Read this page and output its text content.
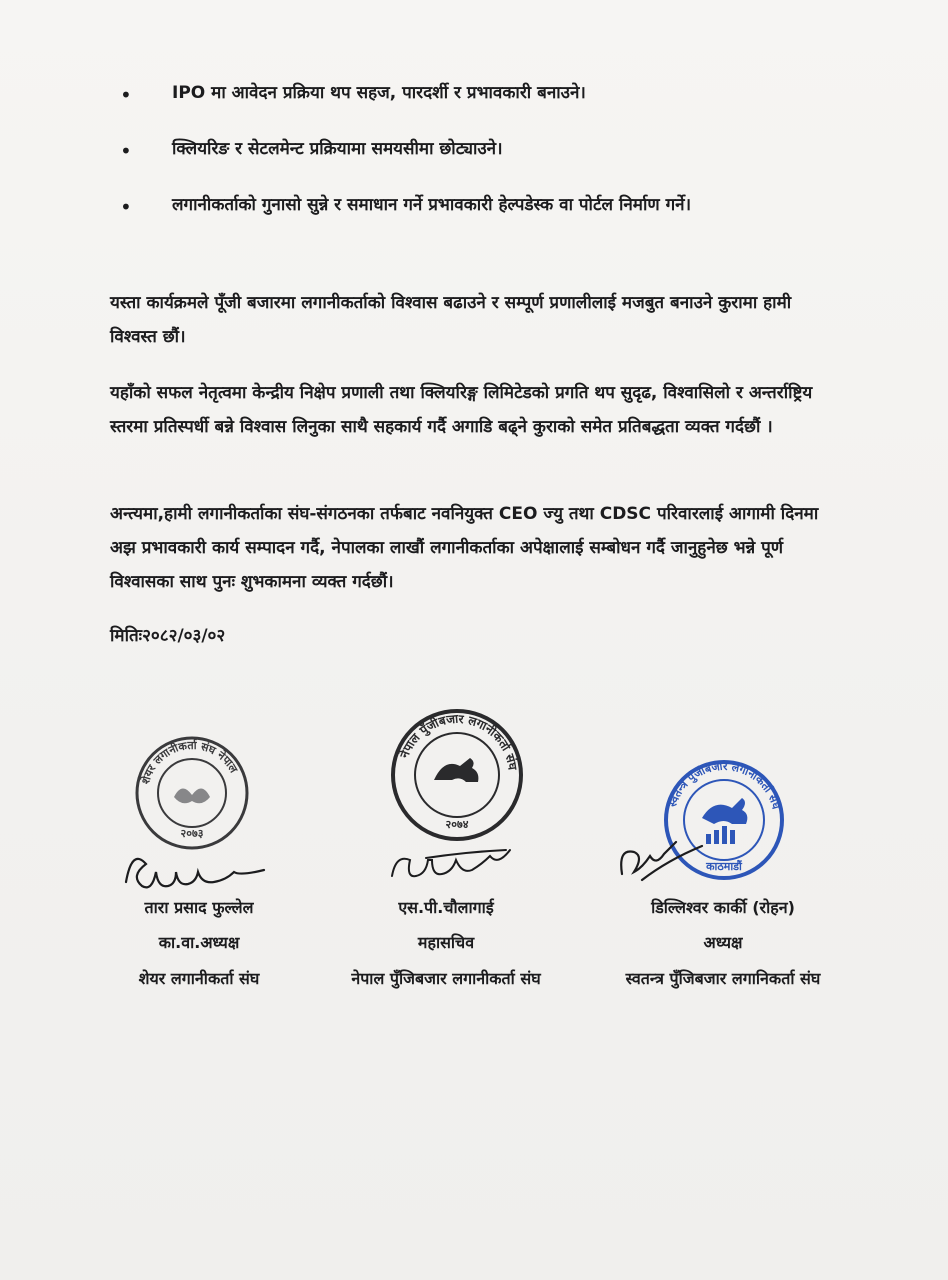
•	IPO मा आवेदन प्रक्रिया थप सहज, पारदर्शी र प्रभावकारी बनाउने।
•	क्लियरिङ र सेटलमेन्ट प्रक्रियामा समयसीमा छोट्याउने।
•	लगानीकर्ताको गुनासो सुन्ने र समाधान गर्ने प्रभावकारी हेल्पडेस्क वा पोर्टल निर्माण गर्ने।

यस्ता कार्यक्रमले पूँजी बजारमा लगानीकर्ताको विश्वास बढाउने र सम्पूर्ण प्रणालीलाई मजबुत बनाउने कुरामा हामी विश्वस्त छौं।

यहाँको सफल नेतृत्वमा केन्द्रीय निक्षेप प्रणाली तथा क्लियरिङ्ग लिमिटेडको प्रगति थप सुदृढ, विश्वासिलो र अन्तर्राष्ट्रिय स्तरमा प्रतिस्पर्धी बन्ने विश्वास लिनुका साथै सहकार्य गर्दै अगाडि बढ्ने कुराको समेत प्रतिबद्धता व्यक्त गर्दछौं ।

अन्त्यमा,हामी लगानीकर्ताका संघ-संगठनका तर्फबाट नवनियुक्त CEO ज्यु तथा CDSC परिवारलाई आगामी दिनमा अझ प्रभावकारी कार्य सम्पादन गर्दै, नेपालका लाखौं लगानीकर्ताका अपेक्षालाई सम्बोधन गर्दै जानुहुनेछ भन्ने पूर्ण विश्वासका साथ पुनः शुभकामना व्यक्त गर्दछौं।

मितिः२०८२/०३/०२
शेयर लगानीकर्ता संघ नेपाल
२०७३
नेपाल पुँजीबजार लगानीकर्ता संघ
२०७४
स्वतन्त्र पुँजीबजार लगानीकर्ता संघ
काठमाडौं
तारा प्रसाद फुल्लेल
का.वा.अध्यक्ष
शेयर लगानीकर्ता संघ
एस.पी.चौलागाई
महासचिव
नेपाल पुँजिबजार लगानीकर्ता संघ
डिल्लिश्वर कार्की (रोहन)
अध्यक्ष
स्वतन्त्र पुँजिबजार लगानिकर्ता संघ
